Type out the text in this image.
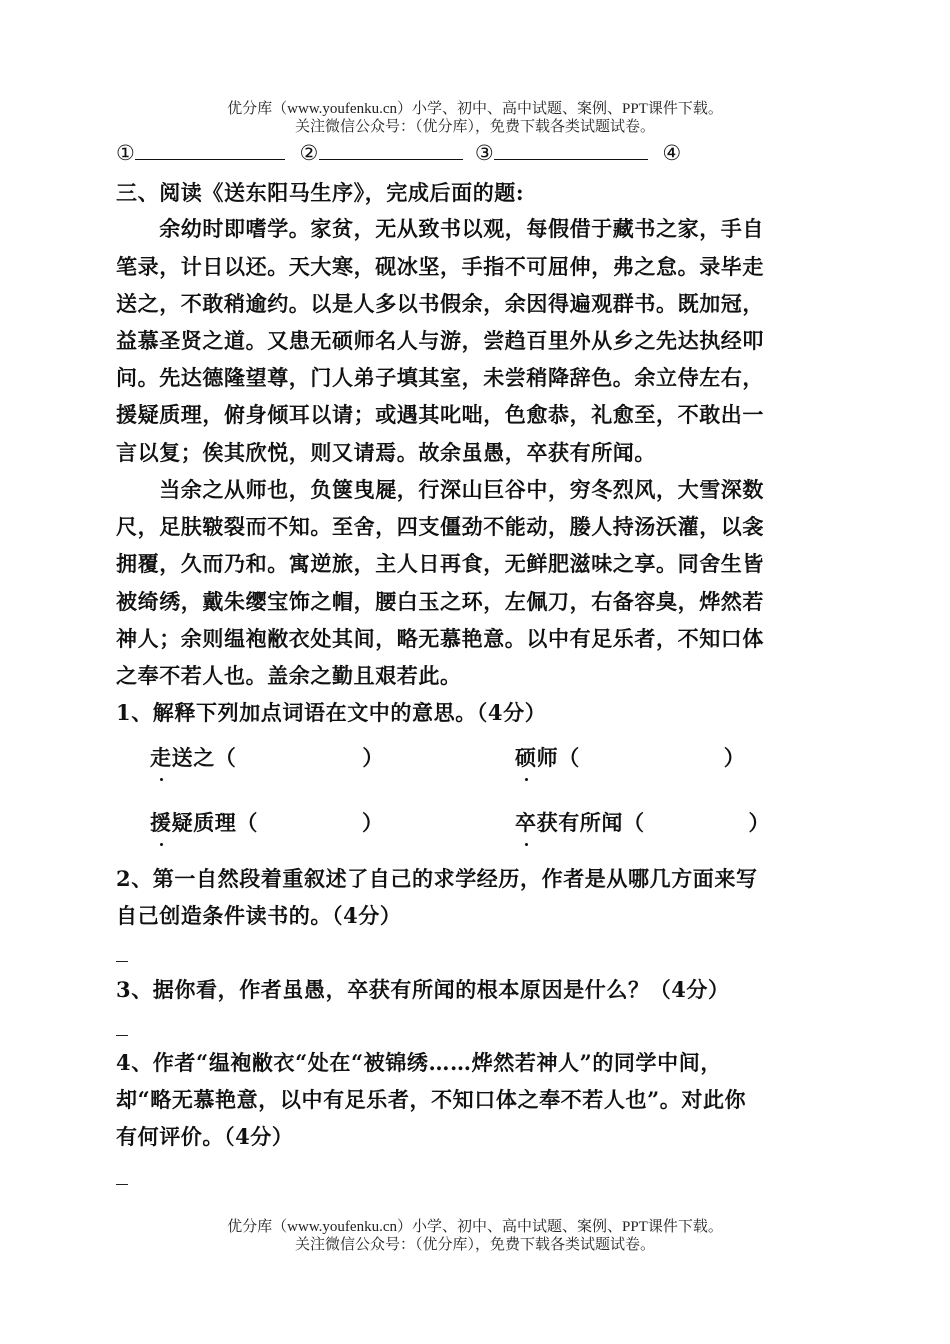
优分库（www.youfenku.cn）小学、初中、高中试题、案例、PPT课件下载。
关注微信公众号：（优分库），免费下载各类试题试卷。
①	②	③	④
三、阅读《送东阳马生序》，完成后面的题:
　　余幼时即嗜学。家贫，无从致书以观，每假借于藏书之家，手自
笔录，计日以还。天大寒，砚冰坚，手指不可屈伸，弗之怠。录毕走
送之，不敢稍逾约。以是人多以书假余，余因得遍观群书。既加冠，
益慕圣贤之道。又患无硕师名人与游，尝趋百里外从乡之先达执经叩
问。先达德隆望尊，门人弟子填其室，未尝稍降辞色。余立侍左右，
援疑质理，俯身倾耳以请；或遇其叱咄，色愈恭，礼愈至，不敢出一
言以复；俟其欣悦，则又请焉。故余虽愚，卒获有所闻。
　　当余之从师也，负箧曳屣，行深山巨谷中，穷冬烈风，大雪深数
尺，足肤皲裂而不知。至舍，四支僵劲不能动，媵人持汤沃灌，以衾
拥覆，久而乃和。寓逆旅，主人日再食，无鲜肥滋味之享。同舍生皆
被绮绣，戴朱缨宝饰之帽，腰白玉之环，左佩刀，右备容臭，烨然若
神人；余则缊袍敝衣处其间，略无慕艳意。以中有足乐者，不知口体
之奉不若人也。盖余之勤且艰若此。
1、解释下列加点词语在文中的意思。（4分）
走送之（	）	硕师（	）
援疑质理（	）	卒获有所闻（	）
2、第一自然段着重叙述了自己的求学经历，作者是从哪几方面来写
自己创造条件读书的。（4分）
3、据你看，作者虽愚，卒获有所闻的根本原因是什么？（4分）
4、作者“缊袍敝衣“处在“被锦绣……烨然若神人”的同学中间，
却“略无慕艳意，以中有足乐者，不知口体之奉不若人也”。对此你
有何评价。（4分）
优分库（www.youfenku.cn）小学、初中、高中试题、案例、PPT课件下载。
关注微信公众号：（优分库），免费下载各类试题试卷。
